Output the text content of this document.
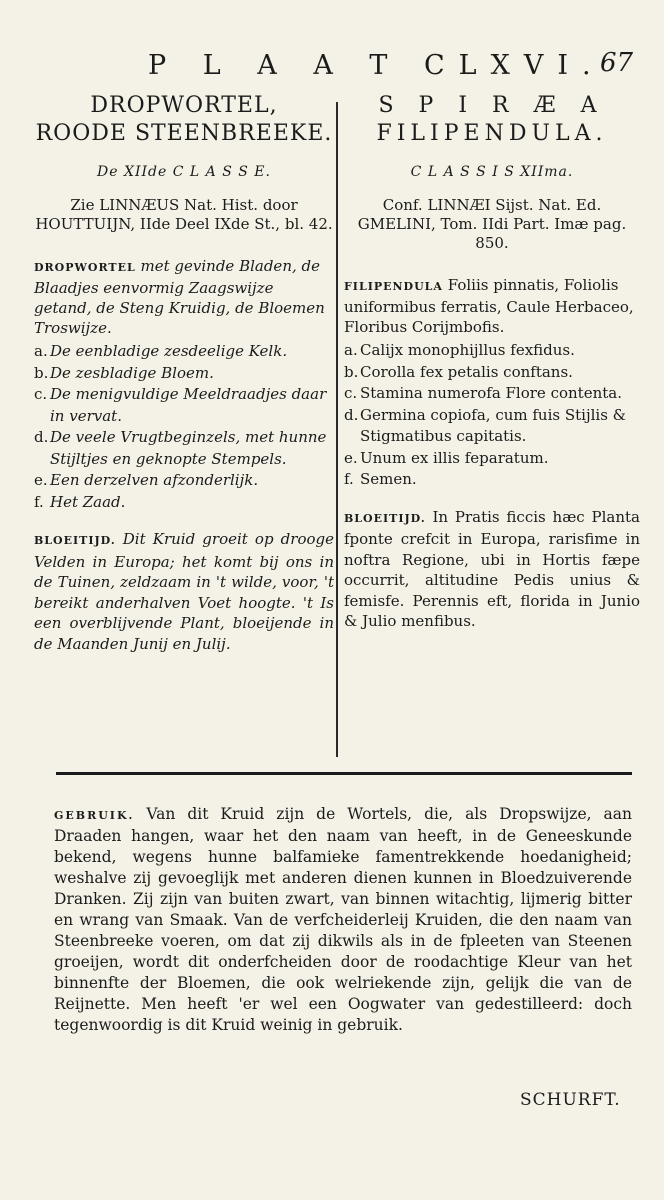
P L A A T CLXVI.
67
DROPWORTEL,
ROODE STEENBREEKE.
De XIIde C L A S S E.
Zie LINNÆUS Nat. Hist. door HOUTTUIJN, IIde Deel IXde St., bl. 42.
DROPWORTEL met gevinde Bladen, de Blaadjes eenvormig Zaagswijze getand, de Steng Kruidig, de Bloemen Troswijze.
a. De eenbladige zesdeelige Kelk.
b. De zesbladige Bloem.
c. De menigvuldige Meeldraadjes daar in vervat.
d. De veele Vrugtbeginzels, met hunne Stijltjes en geknopte Stempels.
e. Een derzelven afzonderlijk.
f. Het Zaad.
BLOEITIJD. Dit Kruid groeit op drooge Velden in Europa; het komt bij ons in de Tuinen, zeldzaam in 't wilde, voor, 't bereikt anderhalven Voet hoogte. 't Is een overblijvende Plant, bloeijende in de Maanden Junij en Julij.
S P I R Æ A
FILIPENDULA.
C L A S S I S XIIma.
Conf. LINNÆI Sijst. Nat. Ed. GMELINI, Tom. IIdi Part. Imæ pag. 850.
FILIPENDULA Foliis pinnatis, Foliolis uniformibus ferratis, Caule Herbaceo, Floribus Corijmbofis.
a. Calijx monophijllus fexfidus.
b. Corolla fex petalis conftans.
c. Stamina numerofa Flore contenta.
d. Germina copiofa, cum fuis Stijlis & Stigmatibus capitatis.
e. Unum ex illis feparatum.
f. Semen.
BLOEITIJD. In Pratis ficcis hæc Planta fponte crefcit in Europa, rarisfime in noftra Regione, ubi in Hortis fæpe occurrit, altitudine Pedis unius & femisfe. Perennis eft, florida in Junio & Julio menfibus.
GEBRUIK. Van dit Kruid zijn de Wortels, die, als Dropswijze, aan Draaden hangen, waar het den naam van heeft, in de Geneeskunde bekend, wegens hunne balfamieke famentrekkende hoedanigheid; weshalve zij gevoeglijk met anderen dienen kunnen in Bloedzuiverende Dranken. Zij zijn van buiten zwart, van binnen witachtig, lijmerig bitter en wrang van Smaak. Van de verfcheiderleij Kruiden, die den naam van Steenbreeke voeren, om dat zij dikwils als in de fpleeten van Steenen groeijen, wordt dit onderfcheiden door de roodachtige Kleur van het binnenfte der Bloemen, die ook welriekende zijn, gelijk die van de Reijnette. Men heeft 'er wel een Oogwater van gedestilleerd: doch tegenwoordig is dit Kruid weinig in gebruik.
SCHURFT.
